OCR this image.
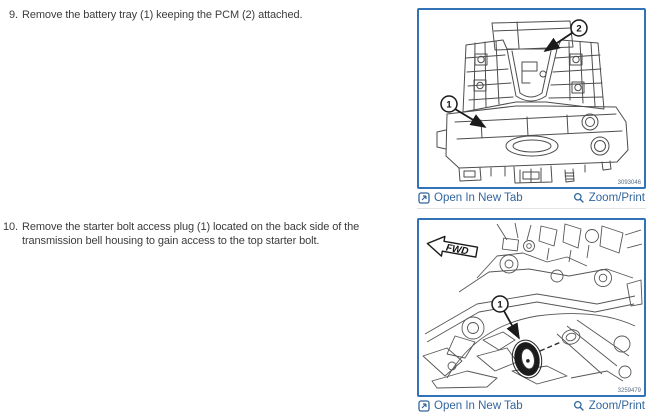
9. Remove the battery tray (1) keeping the PCM (2) attached.
10. Remove the starter bolt access plug (1) located on the back side of the transmission bell housing to gain access to the top starter bolt.
2
1
3093046
Open In New Tab	Zoom/Print
1
FWD
3259479
Open In New Tab	Zoom/Print
